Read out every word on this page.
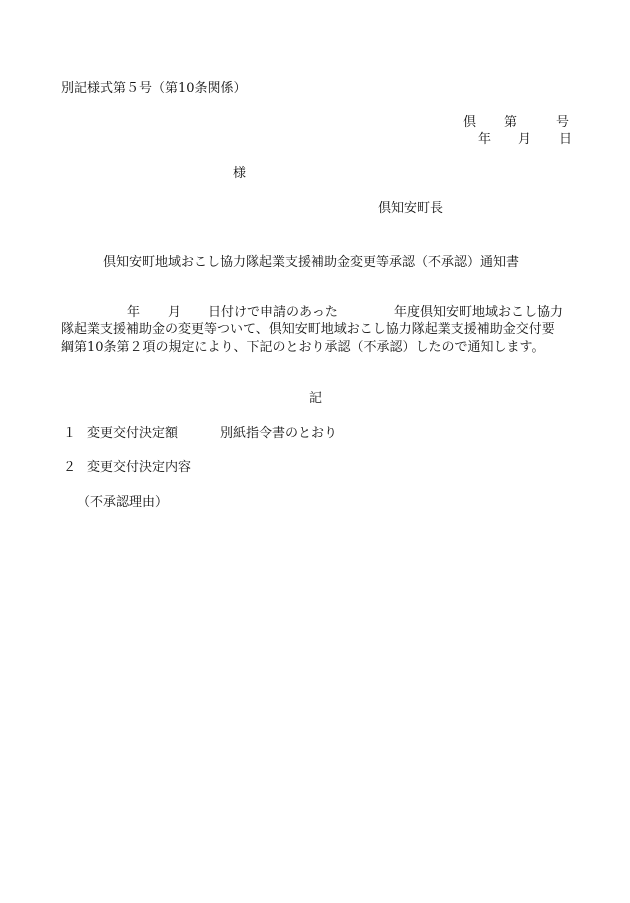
別記様式第５号（第10条関係）
倶 第	号
年 月 日
様
倶知安町長
倶知安町地域おこし協力隊起業支援補助金変更等承認（不承認）通知書
年 月 日付けで申請のあった	年度倶知安町地域おこし協力
隊起業支援補助金の変更等ついて、倶知安町地域おこし協力隊起業支援補助金交付要
綱第10条第２項の規定により、下記のとおり承認（不承認）したので通知します。
記
１ 変更交付決定額	別紙指令書のとおり
２ 変更交付決定内容
（不承認理由）
